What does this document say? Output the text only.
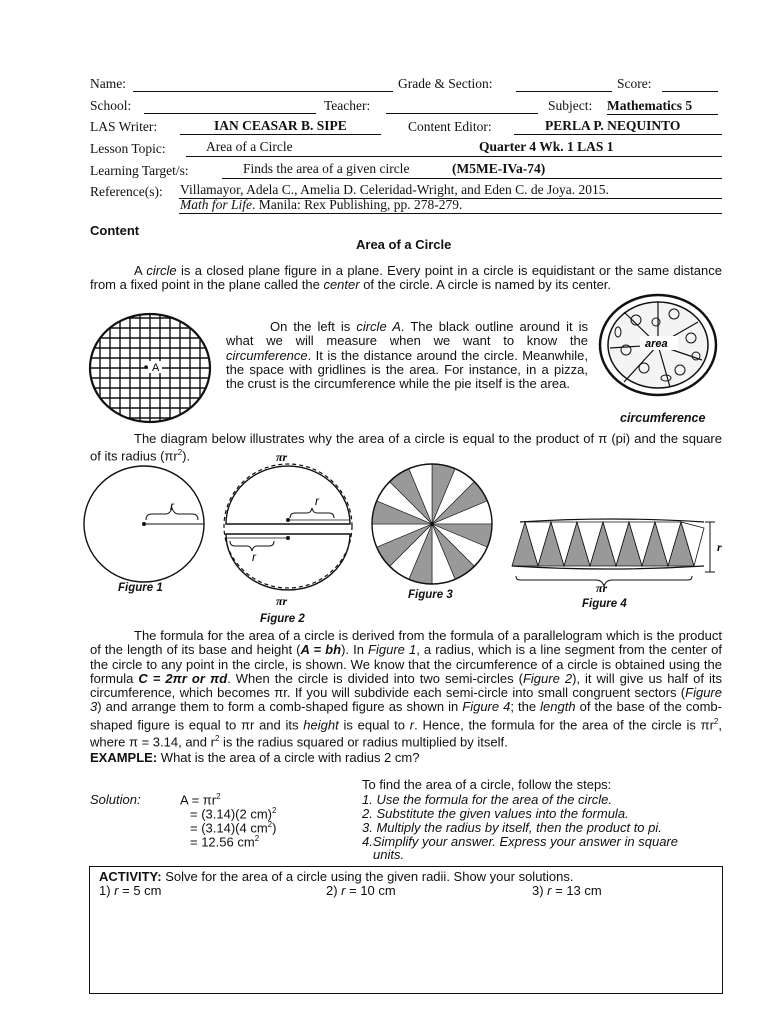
Name:	Grade & Section:	Score:
School:	Teacher:	Subject: Mathematics 5
LAS Writer:	IAN CEASAR B. SIPE	Content Editor:	PERLA P. NEQUINTO
Lesson Topic:	Area of a Circle	Quarter 4 Wk. 1 LAS 1
Learning Target/s:	Finds the area of a given circle	(M5ME-IVa-74)
Reference(s): Villamayor, Adela C., Amelia D. Celeridad-Wright, and Eden C. de Joya. 2015.
Math for Life. Manila: Rex Publishing, pp. 278-279.
Content
Area of a Circle
A circle is a closed plane figure in a plane. Every point in a circle is equidistant or the same distance from a fixed point in the plane called the center of the circle. A circle is named by its center.
A
On the left is circle A. The black outline around it is what we will measure when we want to know the circumference. It is the distance around the circle. Meanwhile, the space with gridlines is the area. For instance, in a pizza, the crust is the circumference while the pie itself is the area.
area
circumference
The diagram below illustrates why the area of a circle is equal to the product of π (pi) and the square of its radius $(\pi r^2)$.
r	r
r
πr
πr
r
πr
Figure 1
Figure 2
Figure 3
Figure 4
The formula for the area of a circle is derived from the formula of a parallelogram which is the product of the length of its base and height (A = bh). In Figure 1, a radius, which is a line segment from the center of the circle to any point in the circle, is shown. We know that the circumference of a circle is obtained using the formula C = 2πr or πd. When the circle is divided into two semi-circles (Figure 2), it will give us half of its circumference, which becomes πr. If you will subdivide each semi-circle into small congruent sectors (Figure 3) and arrange them to form a comb-shaped figure as shown in Figure 4; the length of the base of the comb-shaped figure is equal to πr and its height is equal to r. Hence, the formula for the area of the circle is $\pi r^2$, where π = 3.14, and $r^2$ is the radius squared or radius multiplied by itself.
EXAMPLE: What is the area of a circle with radius 2 cm?
To find the area of a circle, follow the steps:
Solution:	$A = \pi r^2$
= (3.14)(2 cm)$^2$
= (3.14)(4 $cm^2$)
= 12.56 $cm^2$
1. Use the formula for the area of the circle.
2. Substitute the given values into the formula.
3. Multiply the radius by itself, then the product to pi.
4.Simplify your answer. Express your answer in square
units.
ACTIVITY: Solve for the area of a circle using the given radii. Show your solutions.
1) r = 5 cm	2) r = 10 cm	3) r = 13 cm
